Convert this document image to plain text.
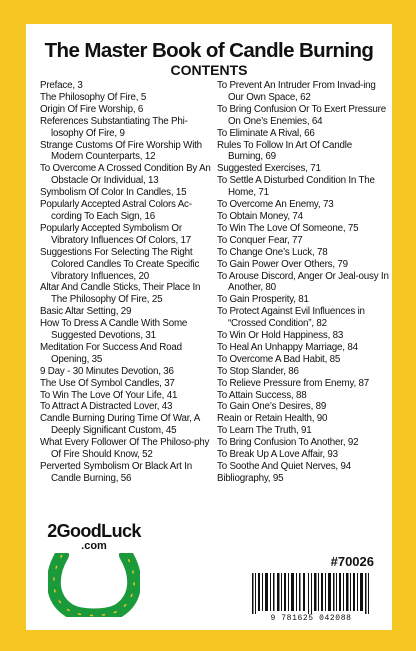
The Master Book of Candle Burning
CONTENTS
Preface, 3
The Philosophy Of Fire, 5
Origin Of Fire Worship, 6
References Substantiating The Phi-losophy Of Fire, 9
Strange Customs Of Fire Worship With Modern Counterparts, 12
To Overcome A Crossed Condition By An Obstacle Or Individual, 13
Symbolism Of Color In Candles, 15
Popularly Accepted Astral Colors Ac-cording To Each Sign, 16
Popularly Accepted Symbolism Or Vibratory Influences Of Colors, 17
Suggestions For Selecting The Right Colored Candles To Create Specific Vibratory Influences, 20
Altar And Candle Sticks, Their Place In The Philosophy Of Fire, 25
Basic Altar Setting, 29
How To Dress A Candle With Some Suggested Devotions, 31
Meditation For Success And Road Opening, 35
9 Day - 30 Minutes Devotion, 36
The Use Of Symbol Candles, 37
To Win The Love Of Your Life, 41
To Attract A Distracted Lover, 43
Candle Burning During Time Of War, A Deeply Significant Custom, 45
What Every Follower Of The Philoso-phy Of Fire Should Know, 52
Perverted Symbolism Or Black Art In Candle Burning, 56
To Prevent An Intruder From Invad-ing Our Own Space, 62
To Bring Confusion Or To Exert Pressure On One’s Enemies, 64
To Eliminate A Rival, 66
Rules To Follow In Art Of Candle Burning, 69
Suggested Exercises, 71
To Settle A Disturbed Condition In The Home, 71
To Overcome An Enemy, 73
To Obtain Money, 74
To Win The Love Of Someone, 75
To Conquer Fear, 77
To Change One’s Luck, 78
To Gain Power Over Others, 79
To Arouse Discord, Anger Or Jeal-ousy In Another, 80
To Gain Prosperity, 81
To Protect Against Evil Influences in “Crossed Condition”, 82
To Win Or Hold Happiness, 83
To Heal An Unhappy Marriage, 84
To Overcome A Bad Habit, 85
To Stop Slander, 86
To Relieve Pressure from Enemy, 87
To Attain Success, 88
To Gain One’s Desires, 89
Reain or Retain Health, 90
To Learn The Truth, 91
To Bring Confusion To Another, 92
To Break Up A Love Affair, 93
To Soothe And Quiet Nerves, 94
Bibliography, 95
2GoodLuck
.com
#70026
9 781625 042088
